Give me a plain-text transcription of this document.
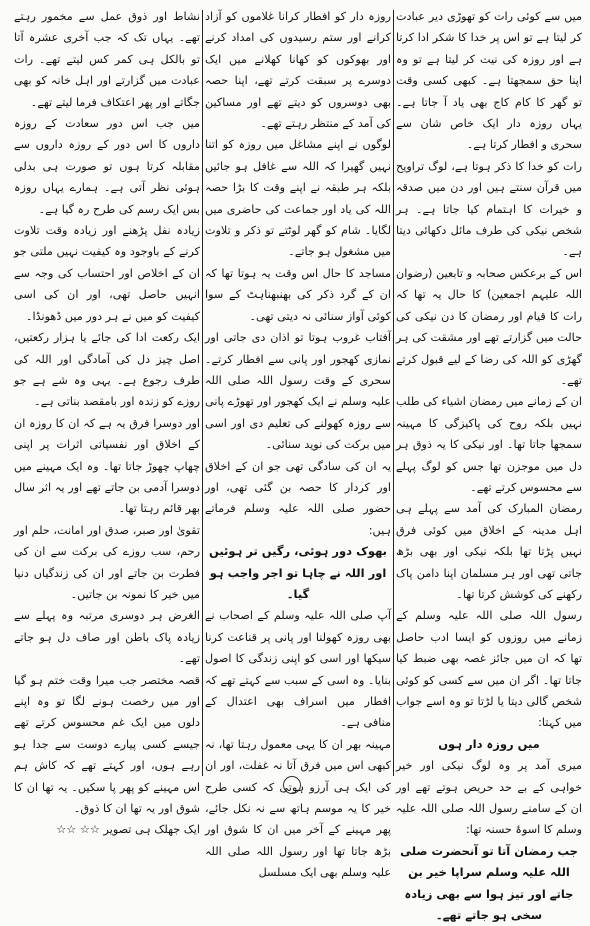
میں سے کوئی رات کو تھوڑی دیر عبادت کر لیتا ہے تو اس پر خدا کا شکر ادا کرتا ہے اور روزہ کی نیت کر لیتا ہے تو وہ اپنا حق سمجھتا ہے۔ کبھی کسی وقت تو گھر کا کام کاج بھی یاد آ جاتا ہے۔ یہاں روزہ دار ایک خاص شان سے سحری و افطار کرتا ہے۔

رات کو خدا کا ذکر ہوتا ہے، لوگ تراویح میں قرآن سنتے ہیں اور دن میں صدقہ و خیرات کا اہتمام کیا جاتا ہے۔ ہر شخص نیکی کی طرف مائل دکھائی دیتا ہے۔

اس کے برعکس صحابہ و تابعین (رضوان اللہ علیہم اجمعین) کا حال یہ تھا کہ رات کا قیام اور رمضان کا دن نیکی کی حالت میں گزارتے تھے اور مشقت کی ہر گھڑی کو اللہ کی رضا کے لیے قبول کرتے تھے۔

ان کے زمانے میں رمضان اشیاء کی طلب نہیں بلکہ روح کی پاکیزگی کا مہینہ سمجھا جاتا تھا۔ اور نیکی کا یہ ذوق ہر دل میں موجزن تھا جس کو لوگ پہلے سے محسوس کرتے تھے۔

رمضان المبارک کی آمد سے پہلے ہی اہل مدینہ کے اخلاق میں کوئی فرق نہیں پڑتا تھا بلکہ نیکی اور بھی بڑھ جاتی تھی اور ہر مسلمان اپنا دامن پاک رکھنے کی کوشش کرتا تھا۔

رسول اللہ صلی اللہ علیہ وسلم کے زمانے میں روزوں کو ایسا ادب حاصل تھا کہ ان میں جائز غصہ بھی ضبط کیا جاتا تھا۔ اگر ان میں سے کسی کو کوئی شخص گالی دیتا یا لڑتا تو وہ اسے جواب میں کہتا:

میں روزہ دار ہوں

میری آمد پر وہ لوگ نیکی اور خیر خواہی کے بے حد حریص ہوتے تھے اور ان کے سامنے رسول اللہ صلی اللہ علیہ وسلم کا اسوۂ حسنہ تھا:

جب رمضان آتا تو آنحضرت صلی اللہ علیہ وسلم سراپا خیر بن جاتے اور تیز ہوا سے بھی زیادہ سخی ہو جاتے تھے۔

روزہ دار کو افطار کرانا غلاموں کو آزاد کرانے اور ستم رسیدوں کی امداد کرنے اور بھوکوں کو کھانا کھلانے میں ایک دوسرے پر سبقت کرتے تھے، اپنا حصہ بھی دوسروں کو دیتے تھے اور مساکین کی آمد کے منتظر رہتے تھے۔

لوگوں نے اپنے مشاغل میں روزہ کو اتنا نہیں گھیرا کہ اللہ سے غافل ہو جائیں بلکہ ہر طبقہ نے اپنے وقت کا بڑا حصہ اللہ کی یاد اور جماعت کی حاضری میں لگایا۔ شام کو گھر لوٹتے تو ذکر و تلاوت میں مشغول ہو جاتے۔

مساجد کا حال اس وقت یہ ہوتا تھا کہ ان کے گرد ذکر کی بھنبھناہٹ کے سوا کوئی آواز سنائی نہ دیتی تھی۔

آفتاب غروب ہوتا تو اذان دی جاتی اور نمازی کھجور اور پانی سے افطار کرتے۔ سحری کے وقت رسول اللہ صلی اللہ علیہ وسلم نے ایک کھجور اور تھوڑے پانی سے روزہ کھولنے کی تعلیم دی اور اسی میں برکت کی نوید سنائی۔

یہ ان کی سادگی تھی جو ان کے اخلاق اور کردار کا حصہ بن گئی تھی، اور حضور صلی اللہ علیہ وسلم فرماتے ہیں:

بھوک دور ہوئی، رگیں تر ہوئیں اور اللہ نے چاہا تو اجر واجب ہو گیا۔

آپ صلی اللہ علیہ وسلم کے اصحاب نے بھی روزہ کھولنا اور پانی پر قناعت کرنا سیکھا اور اسی کو اپنی زندگی کا اصول بنایا۔ وہ اسی کے سبب سے کہتے تھے کہ افطار میں اسراف بھی اعتدال کے منافی ہے۔

مہینہ بھر ان کا یہی معمول رہتا تھا، نہ کبھی اس میں فرق آتا نہ غفلت، اور ان کی ایک ہی آرزو ہوتی کہ کسی طرح خیر کا یہ موسم ہاتھ سے نہ نکل جائے، پھر مہینے کے آخر میں ان کا شوق اور بڑھ جاتا تھا اور رسول اللہ صلی اللہ علیہ وسلم بھی ایک مسلسل

نشاط اور ذوق عمل سے مخمور رہتے تھے۔ یہاں تک کہ جب آخری عشرہ آتا تو بالکل ہی کمر کس لیتے تھے۔ رات عبادت میں گزارتے اور اہل خانہ کو بھی جگاتے اور پھر اعتکاف فرما لیتے تھے۔

میں جب اس دور سعادت کے روزہ داروں کا اس دور کے روزہ داروں سے مقابلہ کرتا ہوں تو صورت ہی بدلی ہوئی نظر آتی ہے۔ ہمارے یہاں روزہ بس ایک رسم کی طرح رہ گیا ہے۔

زیادہ نفل پڑھنے اور زیادہ وقت تلاوت کرنے کے باوجود وہ کیفیت نہیں ملتی جو ان کے اخلاص اور احتساب کی وجہ سے انہیں حاصل تھی، اور ان کی اسی کیفیت کو میں نے ہر دور میں ڈھونڈا۔

ایک رکعت ادا کی جائے یا ہزار رکعتیں، اصل چیز دل کی آمادگی اور اللہ کی طرف رجوع ہے۔ یہی وہ شے ہے جو روزے کو زندہ اور بامقصد بناتی ہے۔

اور دوسرا فرق یہ ہے کہ ان کا روزہ ان کے اخلاق اور نفسیاتی اثرات پر اپنی چھاپ چھوڑ جاتا تھا۔ وہ ایک مہینے میں دوسرا آدمی بن جاتے تھے اور یہ اثر سال بھر قائم رہتا تھا۔

تقویٰ اور صبر، صدق اور امانت، حلم اور رحم، سب روزے کی برکت سے ان کی فطرت بن جاتے اور ان کی زندگیاں دنیا میں خیر کا نمونہ بن جاتیں۔

الغرض ہر دوسری مرتبہ وہ پہلے سے زیادہ پاک باطن اور صاف دل ہو جاتے تھے۔

قصہ مختصر جب میرا وقت ختم ہو گیا اور میں رخصت ہونے لگا تو وہ اپنے دلوں میں ایک غم محسوس کرتے تھے جیسے کسی پیارے دوست سے جدا ہو رہے ہوں، اور کہتے تھے کہ کاش ہم اس مہینے کو پھر پا سکیں۔ یہ تھا ان کا شوق اور یہ تھا ان کا ذوق۔

ایک جھلک ہی تصویر ☆☆ ☆☆
